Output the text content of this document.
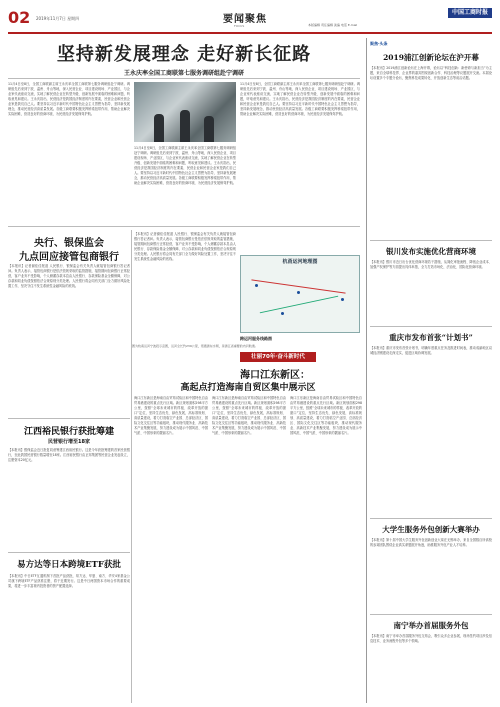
02 2019年11月7日 星期四	要闻聚焦
FOCUS	本版编辑 责任编辑 美编 电话 E-mail
中国工商时报
坚持新发展理念 走好新长征路
王永庆率全国工商联第七服务调研组赴宁调研
11月4日至8日，全国工商联副主席王永庆率全国工商联第七服务调研组赴宁调研。调研组先后来到宁波、温州、舟山等地，深入民营企业、项目建设现场、产业园区，与企业家代表座谈交流，实地了解民营企业在转型升级、创新发展中面临的困难和问题，听取意见和建议。王永庆指出，民营经济是我国经济制度的内在要素，民营企业和民营企业家是我们自己人。要坚持以习近平新时代中国特色社会主义思想为指导，坚持新发展理念，推动民营经济高质量发展。各级工商联要积极发挥桥梁纽带作用，帮助企业解决实际困难，营造良好的营商环境，为民营经济发展保驾护航。
11月4日至8日，全国工商联副主席王永庆率全国工商联第七服务调研组赴宁调研。调研组先后来到宁波、温州、舟山等地，深入民营企业、项目建设现场、产业园区，与企业家代表座谈交流，实地了解民营企业在转型升级、创新发展中面临的困难和问题，听取意见和建议。王永庆指出，民营经济是我国经济制度的内在要素，民营企业和民营企业家是我们自己人。要坚持以习近平新时代中国特色社会主义思想为指导，坚持新发展理念，推动民营经济高质量发展。各级工商联要积极发挥桥梁纽带作用，帮助企业解决实际困难，营造良好的营商环境，为民营经济发展保驾护航。
11月4日至8日，全国工商联副主席王永庆率全国工商联第七服务调研组赴宁调研。调研组先后来到宁波、温州、舟山等地，深入民营企业、项目建设现场、产业园区，与企业家代表座谈交流，实地了解民营企业在转型升级、创新发展中面临的困难和问题，听取意见和建议。王永庆指出，民营经济是我国经济制度的内在要素，民营企业和民营企业家是我们自己人。要坚持以习近平新时代中国特色社会主义思想为指导，坚持新发展理念，推动民营经济高质量发展。各级工商联要积极发挥桥梁纽带作用，帮助企业解决实际困难，营造良好的营商环境，为民营经济发展保驾护航。
央行、银保监会
九点回应接管包商银行
【本报讯】记者谢佳佳报道 人民银行、银保监会有关负责人就接管包商银行答记者问。负责人表示，接管包商银行是依法依规采取的监管措施，接管期间包商银行正常经营，客户业务不受影响，个人储蓄存款本息由人民银行、存款保险基金全额保障，对公存款和同业负债按照依法合规原则分类处理。人民银行将会同有关部门全力做好风险处置工作，坚决守住不发生系统性金融风险的底线。
【本报讯】记者谢佳佳报道 人民银行、银保监会有关负责人就接管包商银行答记者问。负责人表示，接管包商银行是依法依规采取的监管措施，接管期间包商银行正常经营，客户业务不受影响，个人储蓄存款本息由人民银行、存款保险基金全额保障，对公存款和同业负债按照依法合规原则分类处理。人民银行将会同有关部门全力做好风险处置工作，坚决守住不发生系统性金融风险的底线。	杭甬运河地理图
跨运河服务线路图
图为杭甬运河宁波段示意图，运河全长约239公里，贯通浙东水网，是浙江省重要的内河航道。
壮丽70年·奋斗新时代
海口江东新区：
高起点打造海南自贸区集中展示区
海口江东新区是海南自由贸易试验区和中国特色自由贸易港建设的重点先行区域。新区规划面积298平方公里，按照“全球未来城市的样板、改革开放的窗口”定位，坚持生态优先、绿色发展，高标准规划、高质量建设，着力打造临空产业园、总部经济区、国际文化交往区等功能板块，推动现代服务业、高新技术产业集聚发展，努力建设成为展示中国风范、中国气派、中国形象的靓丽名片。
海口江东新区是海南自由贸易试验区和中国特色自由贸易港建设的重点先行区域。新区规划面积298平方公里，按照“全球未来城市的样板、改革开放的窗口”定位，坚持生态优先、绿色发展，高标准规划、高质量建设，着力打造临空产业园、总部经济区、国际文化交往区等功能板块，推动现代服务业、高新技术产业集聚发展，努力建设成为展示中国风范、中国气派、中国形象的靓丽名片。
海口江东新区是海南自由贸易试验区和中国特色自由贸易港建设的重点先行区域。新区规划面积298平方公里，按照“全球未来城市的样板、改革开放的窗口”定位，坚持生态优先、绿色发展，高标准规划、高质量建设，着力打造临空产业园、总部经济区、国际文化交往区等功能板块，推动现代服务业、高新技术产业集聚发展，努力建设成为展示中国风范、中国气派、中国形象的靓丽名片。
江西裕民银行获批筹建
民营银行增至18家
【本报讯】银保监会近日批复同意筹建江西裕民银行。这是今年获批筹建的首家民营银行，至此我国民营银行数量增至18家。江西裕民银行由正邦集团等民营企业发起设立，注册资本20亿元。
易方达等日本跨境ETF获批
【本报讯】中日ETF互通机制下首批产品获批，易方达、华夏、南方、华安4家基金公司旗下跨境ETF产品获准注册，将于近期发行。这是中日两国资本市场合作的重要成果，将进一步丰富境内投资者的资产配置选择。
聚焦·头条
2019浦江创新论坛在沪开幕
【本报讯】2019浦江创新论坛在上海开幕，论坛以“科技创新：新使命与新担当”为主题，来自全球科技界、企业界的嘉宾围绕创新合作、科技治理等议题展开交流。本届论坛设置多个专题分论坛，聚焦科技成果转化、开放创新生态等前沿话题。
银川发布实施优化营商环境
【本报讯】银川市近日出台优化营商环境若干措施，从简化审批流程、降低企业成本、加强产权保护等方面提出具体举措，全力打造市场化、法治化、国际化营商环境。
重庆市发布首张“计划书”
【本报讯】重庆市发布首张计划书，明确年度重点任务及推进时间表，推动成渝地区双城经济圈建设走深走实，促进区域协调发展。
大学生服务外包创新大赛举办
【本报讯】第十届中国大学生服务外包创新创业大赛在无锡举办，来自全国数百所高校的参赛团队围绕企业真实命题展开角逐，助推服务外包产业人才培养。
南宁举办首届服务外包
【本报讯】南宁市举办首届服务外包交易会，吸引众多企业参展，现场签约项目涉及信息技术、业务流程外包等多个领域。
